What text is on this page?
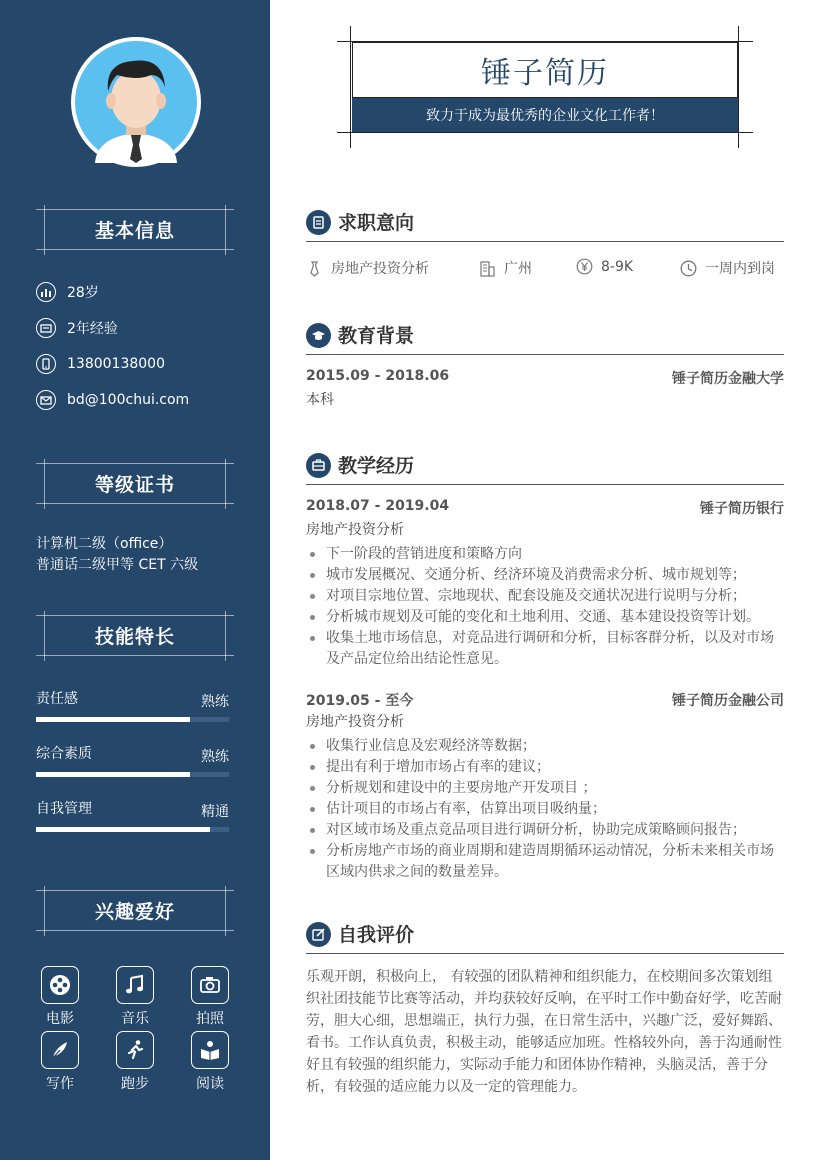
基本信息
28岁
2年经验
13800138000
bd@100chui.com
等级证书
计算机二级（office）
普通话二级甲等 CET 六级
技能特长
责任感	熟练
综合素质	熟练
自我管理	精通
兴趣爱好
电影	音乐	拍照
写作	跑步	阅读
锤子简历
致力于成为最优秀的企业文化工作者！
求职意向
房地产投资分析	广州	8-9K	一周内到岗
教育背景
2015.09 - 2018.06	锤子简历金融大学
本科
教学经历
2018.07 - 2019.04	锤子简历银行
房地产投资分析
下一阶段的营销进度和策略方向
城市发展概况、交通分析、经济环境及消费需求分析、城市规划等；
对项目宗地位置、宗地现状、配套设施及交通状况进行说明与分析；
分析城市规划及可能的变化和土地利用、交通、基本建设投资等计划。
收集土地市场信息，对竞品进行调研和分析，目标客群分析，以及对市场及产品定位给出结论性意见。
2019.05 - 至今	锤子简历金融公司
房地产投资分析
收集行业信息及宏观经济等数据；
提出有利于增加市场占有率的建议；
分析规划和建设中的主要房地产开发项目 ；
估计项目的市场占有率，估算出项目吸纳量；
对区域市场及重点竞品项目进行调研分析，协助完成策略顾问报告；
分析房地产市场的商业周期和建造周期循环运动情况，分析未来相关市场区域内供求之间的数量差异。
自我评价
乐观开朗，积极向上， 有较强的团队精神和组织能力，在校期间多次策划组织社团技能节比赛等活动，并均获较好反响，在平时工作中勤奋好学，吃苦耐劳，胆大心细，思想端正，执行力强，在日常生活中，兴趣广泛，爱好舞蹈、看书。工作认真负责，积极主动，能够适应加班。性格较外向，善于沟通耐性好且有较强的组织能力，实际动手能力和团体协作精神，头脑灵活，善于分析，有较强的适应能力以及一定的管理能力。
